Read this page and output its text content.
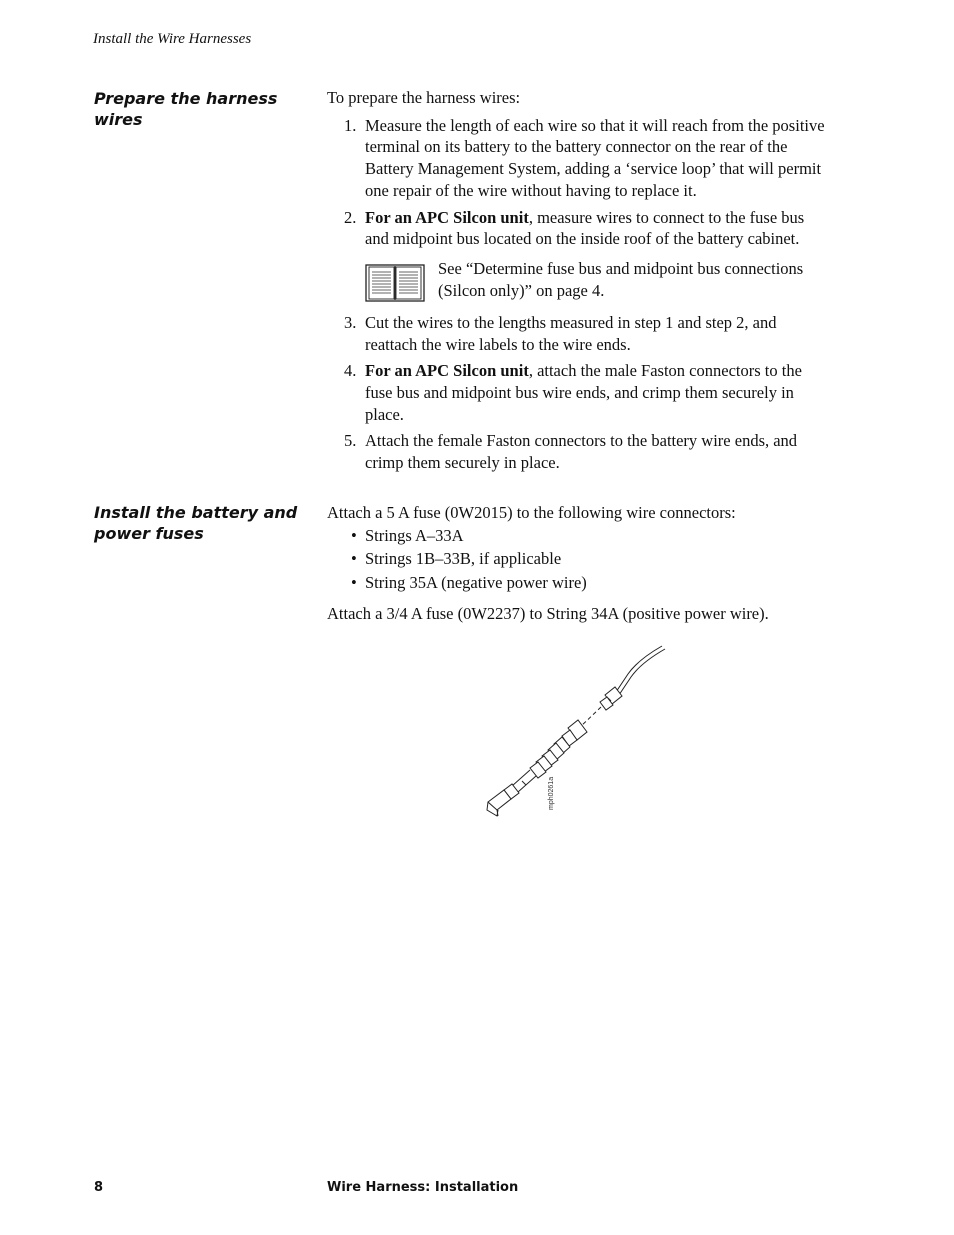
Install the Wire Harnesses
Prepare the harness wires

To prepare the harness wires:

1. Measure the length of each wire so that it will reach from the positive terminal on its battery to the battery connector on the rear of the Battery Management System, adding a ‘service loop’ that will permit one repair of the wire without having to replace it.
2. For an APC Silcon unit, measure wires to connect to the fuse bus and midpoint bus located on the inside roof of the battery cabinet.
See “Determine fuse bus and midpoint bus connections (Silcon only)” on page 4.
3. Cut the wires to the lengths measured in step 1 and step 2, and reattach the wire labels to the wire ends.
4. For an APC Silcon unit, attach the male Faston connectors to the fuse bus and midpoint bus wire ends, and crimp them securely in place.
5. Attach the female Faston connectors to the battery wire ends, and crimp them securely in place.
Install the battery and power fuses

Attach a 5 A fuse (0W2015) to the following wire connectors:

• Strings A–33A
• Strings 1B–33B, if applicable
• String 35A (negative power wire)

Attach a 3/4 A fuse (0W2237) to String 34A (positive power wire).

mph0261a
8	Wire Harness: Installation
